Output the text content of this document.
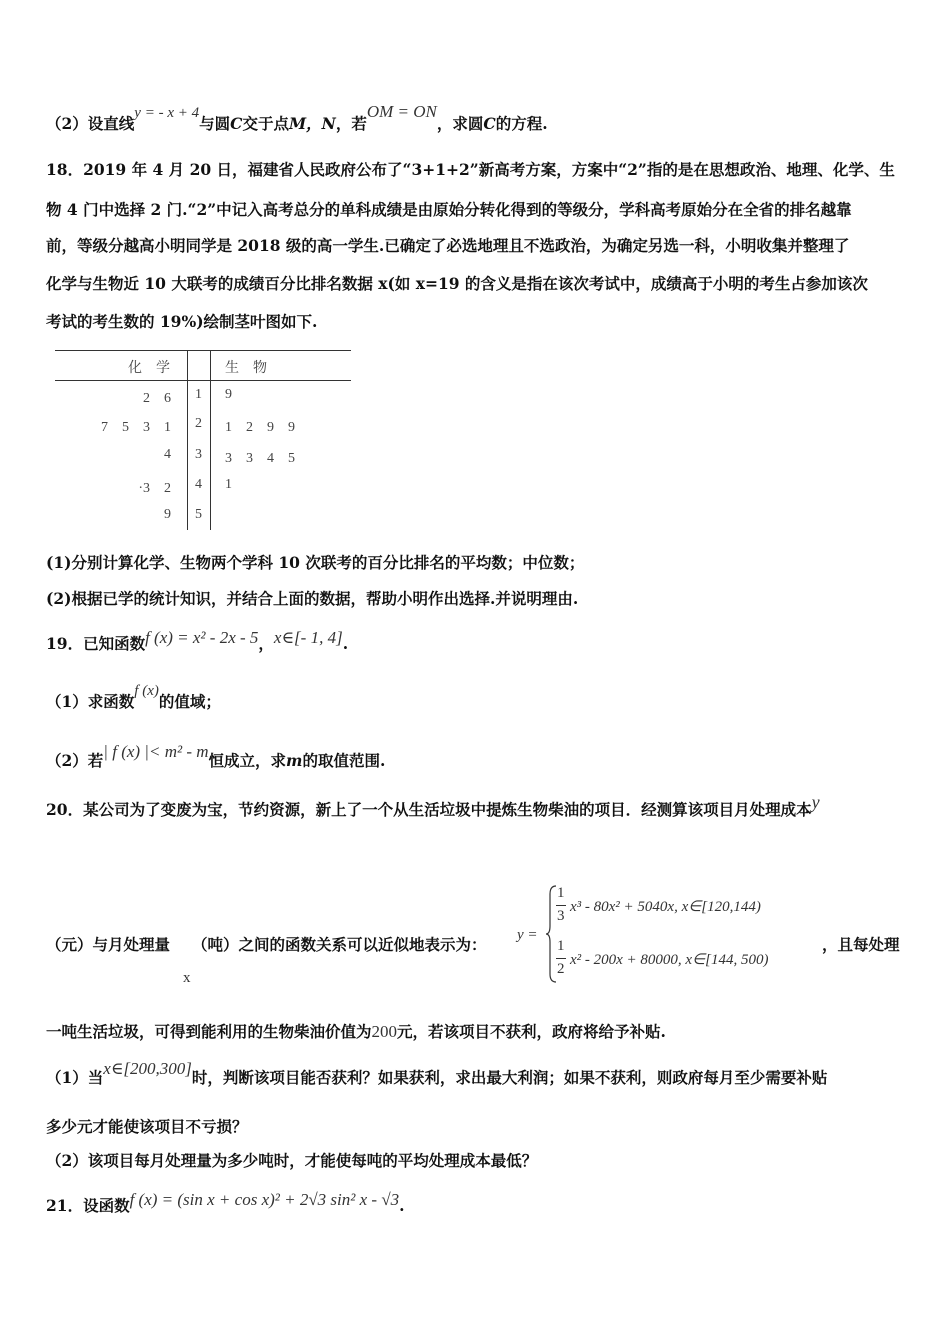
（2）设直线y = - x + 4与圆C交于点M，N，若OM = ON，求圆C的方程.
18．2019 年 4 月 20 日，福建省人民政府公布了“3+1+2”新高考方案，方案中“2”指的是在思想政治、地理、化学、生
物 4 门中选择 2 门.“2”中记入高考总分的单科成绩是由原始分转化得到的等级分，学科高考原始分在全省的排名越靠
前，等级分越高小明同学是 2018 级的高一学生.已确定了必选地理且不选政治，为确定另选一科，小明收集并整理了
化学与生物近 10 大联考的成绩百分比排名数据 x(如 x=19 的含义是指在该次考试中，成绩高于小明的考生占参加该次
考试的考生数的 19%)绘制茎叶图如下.
化　学	生　物
2　6 1 9
7　5　3　1 2 1　2　9　9
4 3 3　3　4　5
·3　2 4 1
9 5
(1)分别计算化学、生物两个学科 10 次联考的百分比排名的平均数；中位数；
(2)根据已学的统计知识，并结合上面的数据，帮助小明作出选择.并说明理由.
19．已知函数f (x) = x² - 2x - 5，x∈[- 1, 4].
（1）求函数f (x)的值域；
（2）若| f (x) |< m² - m恒成立，求m的取值范围.
20．某公司为了变废为宝，节约资源，新上了一个从生活垃圾中提炼生物柴油的项目．经测算该项目月处理成本y
（元）与月处理量 （吨）之间的函数关系可以近似地表示为：
x
y =
1
3
x³ - 80x² + 5040x, x∈[120,144)
1
2
x² - 200x + 80000, x∈[144, 500)
，且每处理
一吨生活垃圾，可得到能利用的生物柴油价值为200元，若该项目不获利，政府将给予补贴.
（1）当x∈[200,300]时，判断该项目能否获利？如果获利，求出最大利润；如果不获利，则政府每月至少需要补贴
多少元才能使该项目不亏损？
（2）该项目每月处理量为多少吨时，才能使每吨的平均处理成本最低？
21．设函数f (x) = (sin x + cos x)² + 2√3 sin² x - √3.
